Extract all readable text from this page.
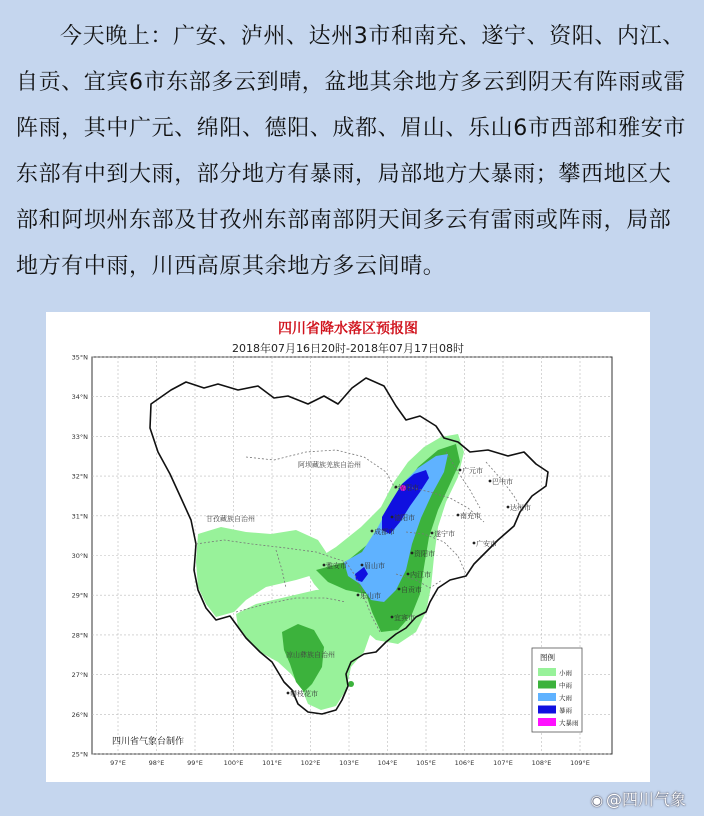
今天晚上：广安、泸州、达州3市和南充、遂宁、资阳、内江、自贡、宜宾6市东部多云到晴，盆地其余地方多云到阴天有阵雨或雷阵雨，其中广元、绵阳、德阳、成都、眉山、乐山6市西部和雅安市东部有中到大雨，部分地方有暴雨，局部地方大暴雨；攀西地区大部和阿坝州东部及甘孜州东部南部阴天间多云有雷雨或阵雨，局部地方有中雨，川西高原其余地方多云间晴。

35°N
34°N
33°N
32°N
31°N
30°N
29°N
28°N
27°N
26°N
25°N
97°E	98°E	99°E	100°E	101°E	102°E	103°E	104°E	105°E	106°E	107°E	108°E	109°E
阿坝藏族羌族自治州
甘孜藏族自治州
凉山彝族自治州
广元市
巴中市
绵阳市
达州市
德阳市	南充市
成都市	遂宁市
广安市
资阳市
雅安市 眉山市
内江市
乐山市
自贡市
宜宾市
攀枝花市
图例
小雨
中雨
大雨
暴雨
大暴雨
四川省气象台制作
四川省降水落区预报图
2018年07月16日20时-2018年07月17日08时
◉ @四川气象
